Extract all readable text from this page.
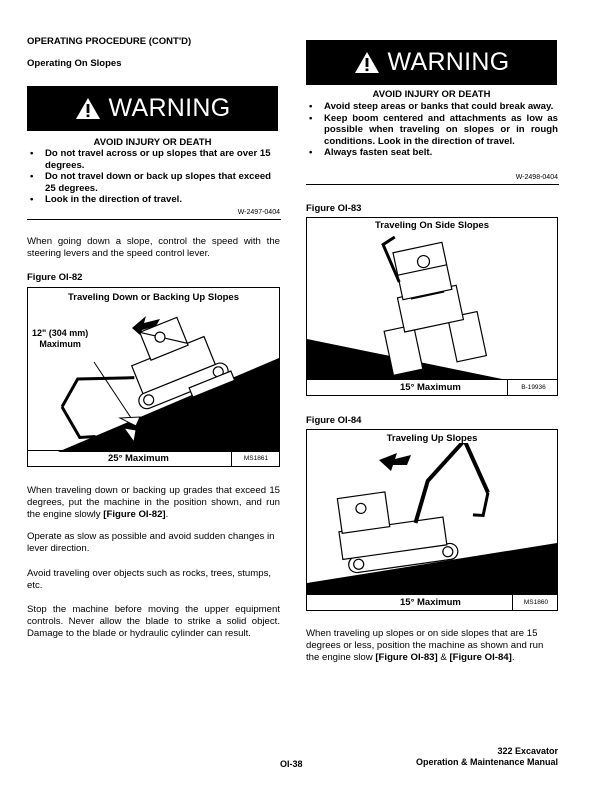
OPERATING PROCEDURE (CONT'D)
Operating On Slopes
WARNING
AVOID INJURY OR DEATH
• Do not travel across or up slopes that are over 15 degrees.
• Do not travel down or back up slopes that exceed 25 degrees.
• Look in the direction of travel.
W-2497-0404
When going down a slope, control the speed with the steering levers and the speed control lever.
Figure OI-82
Traveling Down or Backing Up Slopes
12" (304 mm)
Maximum
25° Maximum	MS1861
When traveling down or backing up grades that exceed 15 degrees, put the machine in the position shown, and run the engine slowly [Figure OI-82].
Operate as slow as possible and avoid sudden changes in lever direction.
Avoid traveling over objects such as rocks, trees, stumps, etc.
Stop the machine before moving the upper equipment controls. Never allow the blade to strike a solid object. Damage to the blade or hydraulic cylinder can result.
WARNING
AVOID INJURY OR DEATH
• Avoid steep areas or banks that could break away.
• Keep boom centered and attachments as low as possible when traveling on slopes or in rough conditions. Look in the direction of travel.
• Always fasten seat belt.
W-2498-0404
Figure OI-83
Traveling On Side Slopes
15° Maximum	B-19936
Figure OI-84
Traveling Up Slopes
15° Maximum	MS1860
When traveling up slopes or on side slopes that are 15 degrees or less, position the machine as shown and run the engine slow [Figure OI-83] & [Figure OI-84].
OI-38
322 Excavator
Operation & Maintenance Manual
